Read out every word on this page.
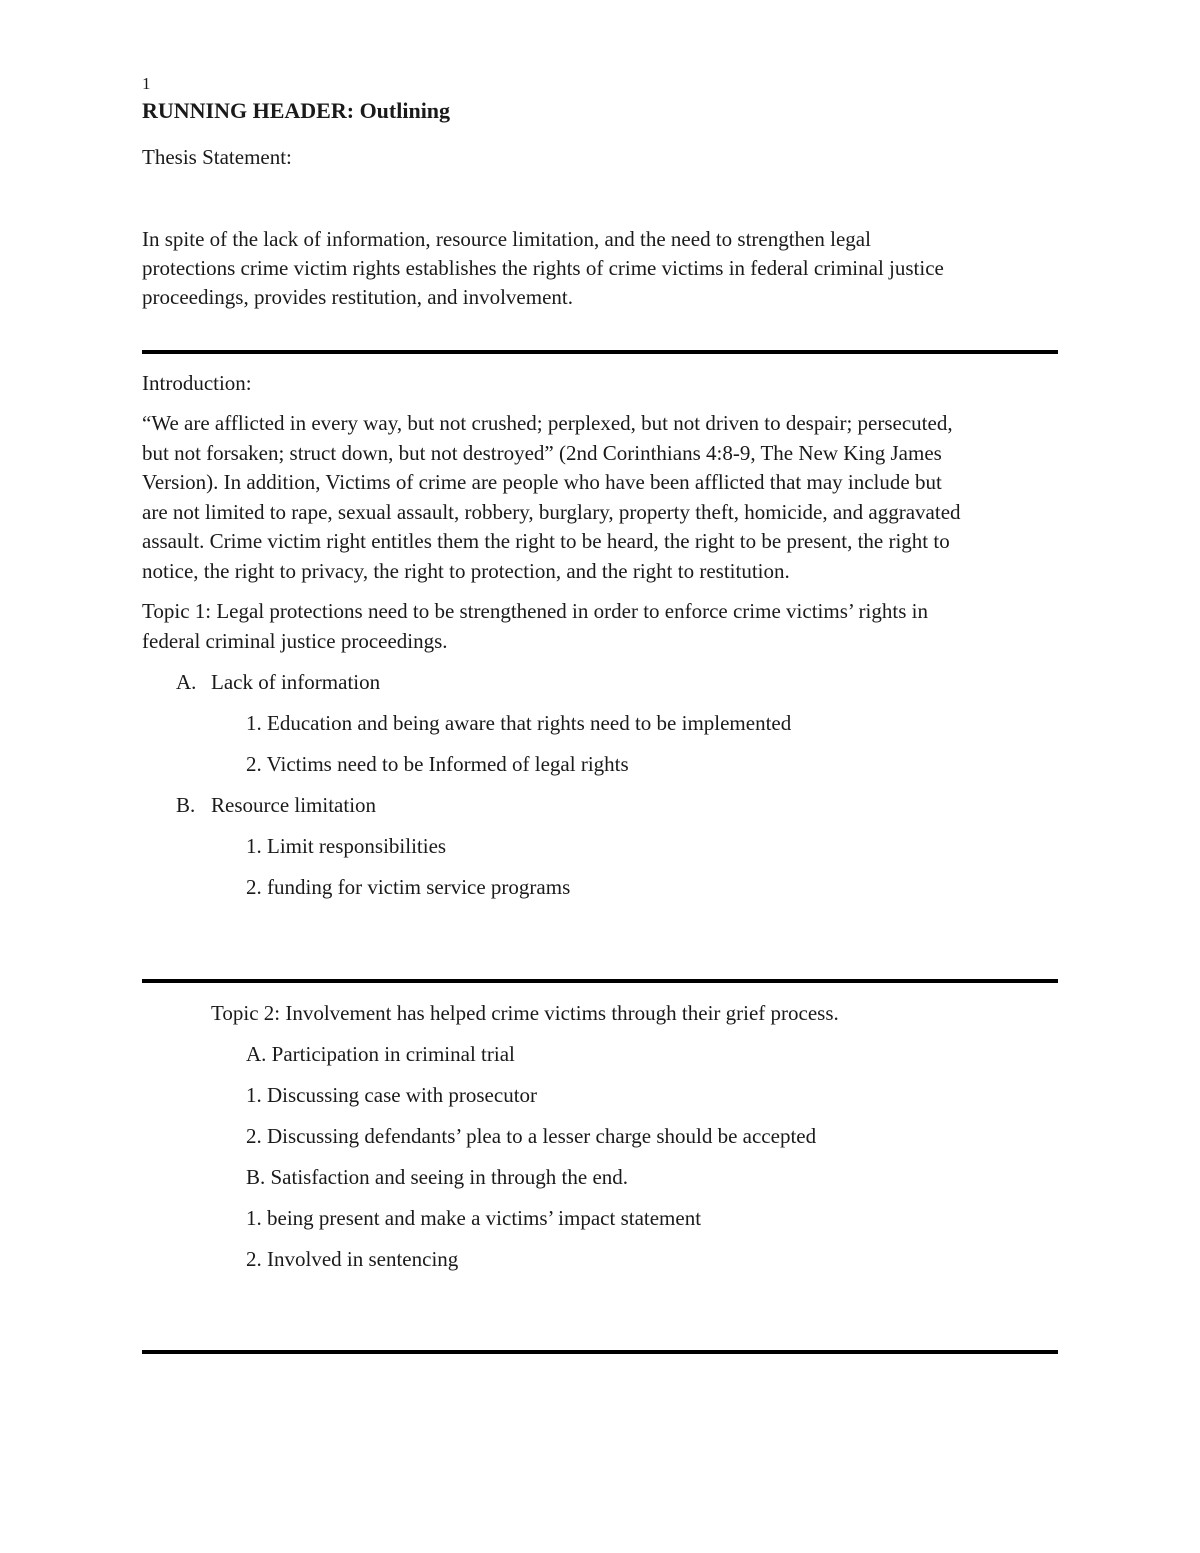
1
RUNNING HEADER: Outlining
Thesis Statement:
In spite of the lack of information, resource limitation, and the need to strengthen legal
protections crime victim rights establishes the rights of crime victims in federal criminal justice
proceedings, provides restitution, and involvement.
Introduction:
“We are afflicted in every way, but not crushed; perplexed, but not driven to despair; persecuted,
but not forsaken; struct down, but not destroyed” (2nd Corinthians 4:8-9, The New King James
Version). In addition, Victims of crime are people who have been afflicted that may include but
are not limited to rape, sexual assault, robbery, burglary, property theft, homicide, and aggravated
assault. Crime victim right entitles them the right to be heard, the right to be present, the right to
notice, the right to privacy, the right to protection, and the right to restitution.
Topic 1: Legal protections need to be strengthened in order to enforce crime victims’ rights in
federal criminal justice proceedings.
A. Lack of information
1. Education and being aware that rights need to be implemented
2. Victims need to be Informed of legal rights
B. Resource limitation
1. Limit responsibilities
2. funding for victim service programs
Topic 2: Involvement has helped crime victims through their grief process.
A. Participation in criminal trial
1. Discussing case with prosecutor
2. Discussing defendants’ plea to a lesser charge should be accepted
B. Satisfaction and seeing in through the end.
1. being present and make a victims’ impact statement
2. Involved in sentencing
